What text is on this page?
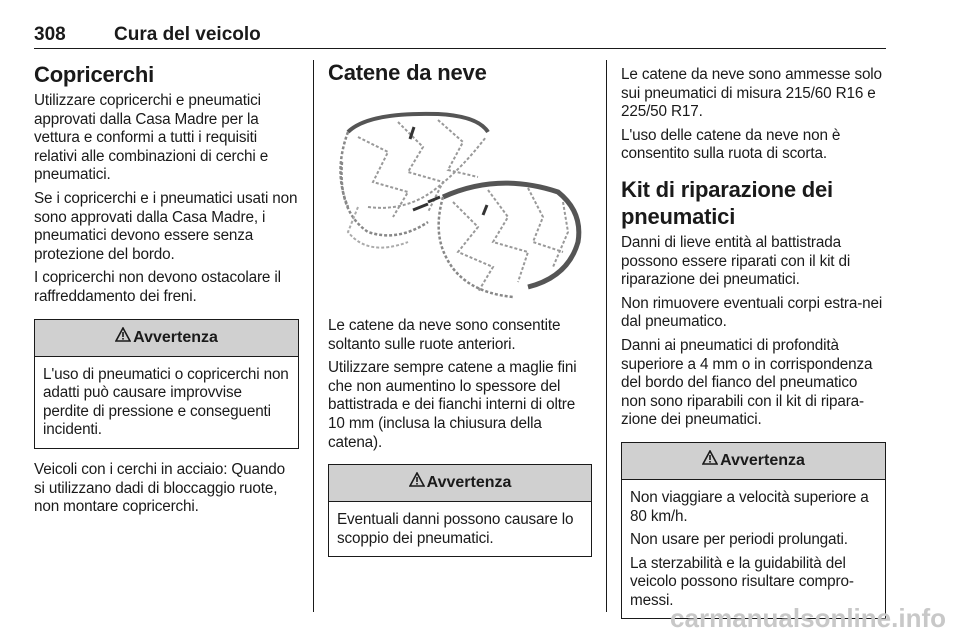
308	Cura del veicolo
Copricerchi

Utilizzare copricerchi e pneumatici approvati dalla Casa Madre per la vettura e conformi a tutti i requisiti relativi alle combinazioni di cerchi e pneumatici.

Se i copricerchi e i pneumatici usati non sono approvati dalla Casa Madre, i pneumatici devono essere senza protezione del bordo.

I copricerchi non devono ostacolare il raffreddamento dei freni.

Avvertenza

L'uso di pneumatici o copricerchi non adatti può causare improvvise perdite di pressione e conseguenti incidenti.

Veicoli con i cerchi in acciaio: Quando si utilizzano dadi di bloccaggio ruote, non montare copricerchi.

Catene da neve

Le catene da neve sono consentite soltanto sulle ruote anteriori.

Utilizzare sempre catene a maglie fini che non aumentino lo spessore del battistrada e dei fianchi interni di oltre 10 mm (inclusa la chiusura della catena).

Avvertenza

Eventuali danni possono causare lo scoppio dei pneumatici.

Le catene da neve sono ammesse solo sui pneumatici di misura 215/60 R16 e 225/50 R17.

L'uso delle catene da neve non è consentito sulla ruota di scorta.

Kit di riparazione dei pneumatici

Danni di lieve entità al battistrada possono essere riparati con il kit di riparazione dei pneumatici.

Non rimuovere eventuali corpi estra-nei dal pneumatico.

Danni ai pneumatici di profondità superiore a 4 mm o in corrispondenza del bordo del fianco del pneumatico non sono riparabili con il kit di ripara-zione dei pneumatici.

Avvertenza

Non viaggiare a velocità superiore a 80 km/h.

Non usare per periodi prolungati.

La sterzabilità e la guidabilità del veicolo possono risultare compro-messi.

carmanualsonline.info
